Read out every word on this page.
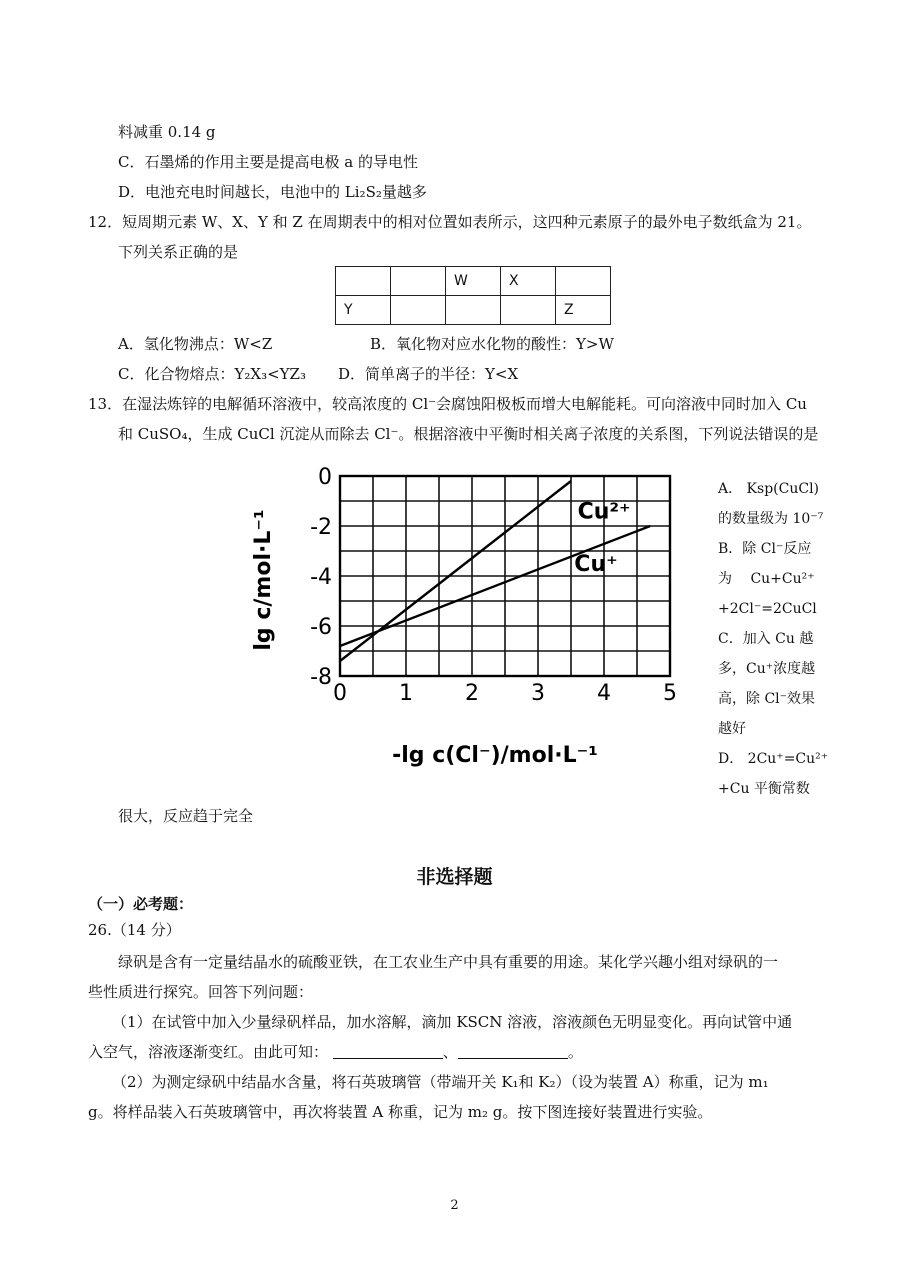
料减重 0.14 g
C．石墨烯的作用主要是提高电极 a 的导电性
D．电池充电时间越长，电池中的 Li₂S₂量越多
12．短周期元素 W、X、Y 和 Z 在周期表中的相对位置如表所示，这四种元素原子的最外电子数纸盒为 21。
下列关系正确的是
		W	X	
Y				Z
A．氢化物沸点：W<Z	B．氧化物对应水化物的酸性：Y>W
C．化合物熔点：Y₂X₃<YZ₃ D．简单离子的半径：Y<X
13．在湿法炼锌的电解循环溶液中，较高浓度的 Cl⁻会腐蚀阳极板而增大电解能耗。可向溶液中同时加入 Cu
和 CuSO₄，生成 CuCl 沉淀从而除去 Cl⁻。根据溶液中平衡时相关离子浓度的关系图，下列说法错误的是
0 1 2 3 4 5
0
-2
-4
-6
-8
Cu²⁺
Cu⁺
lg c/mol·L⁻¹
-lg c(Cl⁻)/mol·L⁻¹
A． Ksp(CuCl)
的数量级为 10⁻⁷
B．除 Cl⁻反应
为　 Cu+Cu²⁺
+2Cl⁻=2CuCl
C．加入 Cu 越
多，Cu⁺浓度越
高，除 Cl⁻效果
越好
D． 2Cu⁺=Cu²⁺
+Cu 平衡常数
很大，反应趋于完全
非选择题
（一）必考题：
26.（14 分）
绿矾是含有一定量结晶水的硫酸亚铁，在工农业生产中具有重要的用途。某化学兴趣小组对绿矾的一
些性质进行探究。回答下列问题：
（1）在试管中加入少量绿矾样品，加水溶解，滴加 KSCN 溶液，溶液颜色无明显变化。再向试管中通
入空气，溶液逐渐变红。由此可知：	、	。
（2）为测定绿矾中结晶水含量，将石英玻璃管（带端开关 K₁和 K₂）（设为装置 A）称重，记为 m₁
g。将样品装入石英玻璃管中，再次将装置 A 称重，记为 m₂ g。按下图连接好装置进行实验。
2
